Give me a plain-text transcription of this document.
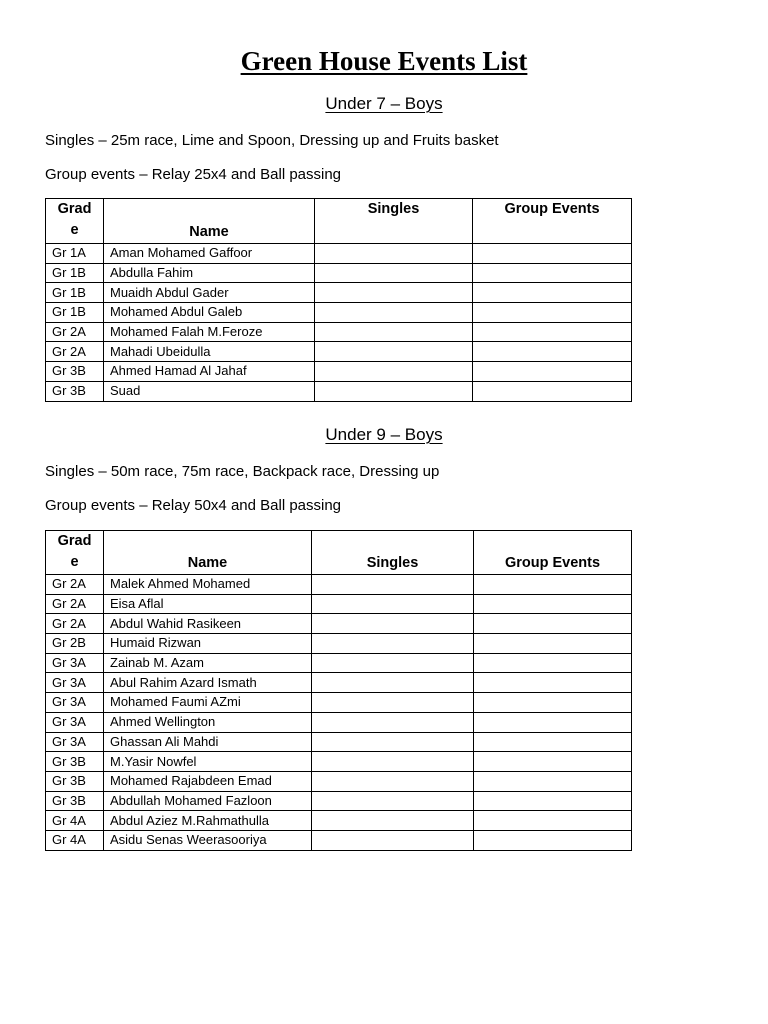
Green House Events List
Under 7 – Boys
Singles – 25m race, Lime and Spoon, Dressing up and Fruits basket
Group events – Relay 25x4 and Ball passing
Grad e	Name	Singles	Group Events
Gr 1A	Aman Mohamed Gaffoor		
Gr 1B	Abdulla Fahim		
Gr 1B	Muaidh Abdul Gader		
Gr 1B	Mohamed Abdul Galeb		
Gr 2A	Mohamed Falah M.Feroze		
Gr 2A	Mahadi Ubeidulla		
Gr 3B	Ahmed Hamad Al Jahaf		
Gr 3B	Suad		
Under 9 – Boys
Singles – 50m race, 75m race, Backpack race, Dressing up
Group events – Relay 50x4 and Ball passing
Grad e	Name	Singles	Group Events
Gr 2A	Malek Ahmed Mohamed		
Gr 2A	Eisa Aflal		
Gr 2A	Abdul Wahid Rasikeen		
Gr 2B	Humaid Rizwan		
Gr 3A	Zainab M. Azam		
Gr 3A	Abul Rahim Azard Ismath		
Gr 3A	Mohamed Faumi AZmi		
Gr 3A	Ahmed Wellington		
Gr 3A	Ghassan Ali Mahdi		
Gr 3B	M.Yasir Nowfel		
Gr 3B	Mohamed Rajabdeen Emad		
Gr 3B	Abdullah Mohamed Fazloon		
Gr 4A	Abdul Aziez M.Rahmathulla		
Gr 4A	Asidu Senas Weerasooriya		
